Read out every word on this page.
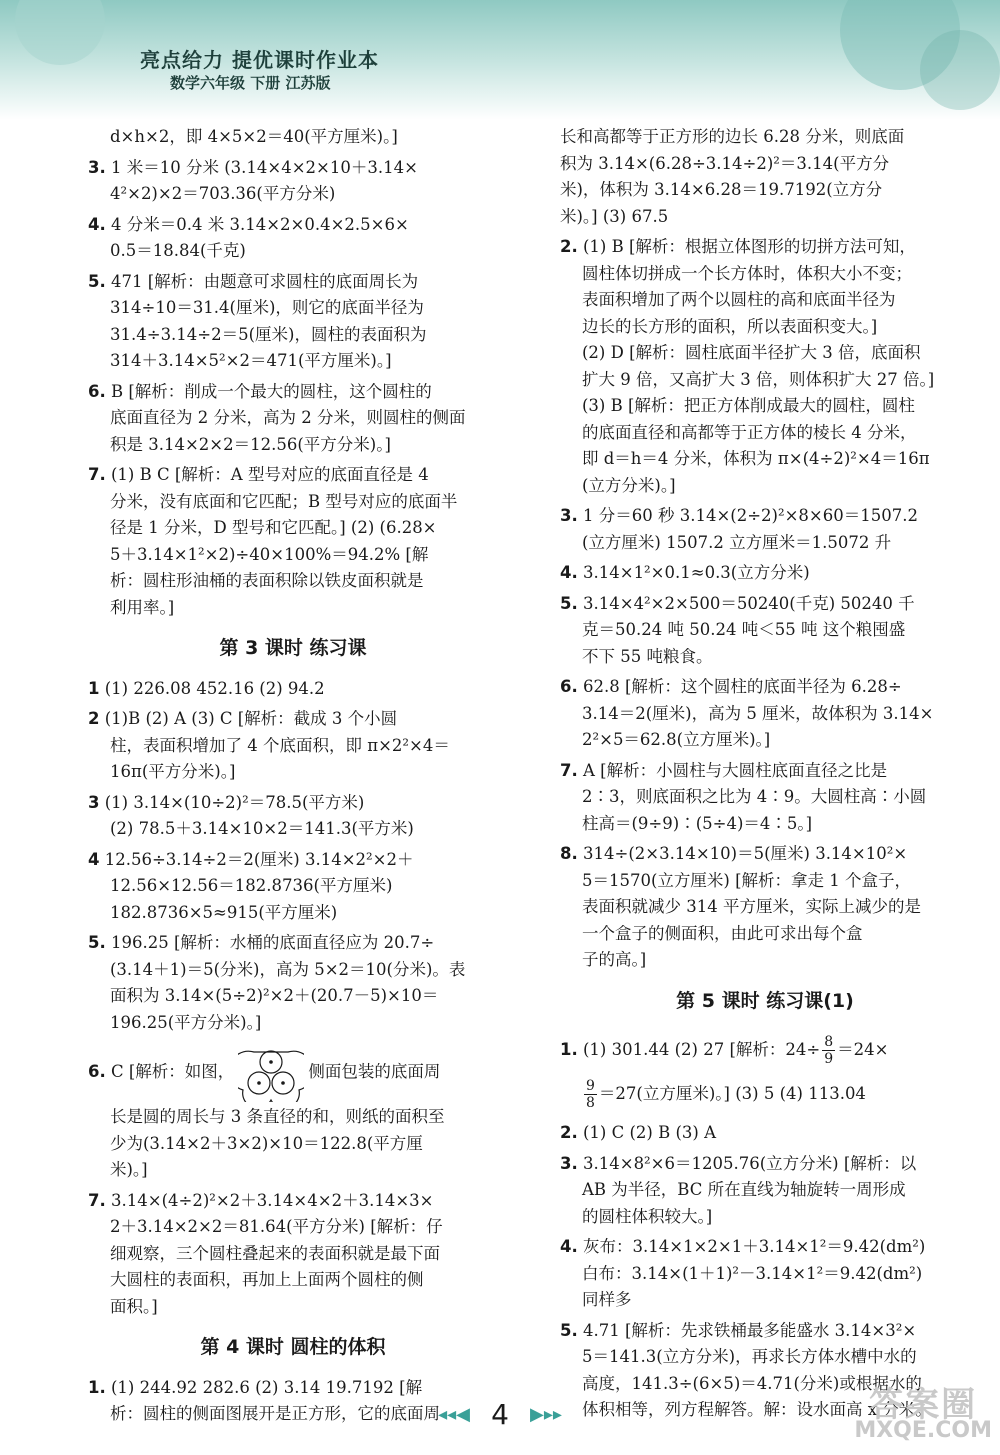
亮点给力 提优课时作业本
数学六年级 下册 江苏版
d×h×2，即 4×5×2＝40(平方厘米)。]
3. 1 米＝10 分米 (3.14×4×2×10＋3.14×
4²×2)×2＝703.36(平方分米)
4. 4 分米＝0.4 米 3.14×2×0.4×2.5×6×
0.5＝18.84(千克)
5. 471 [解析：由题意可求圆柱的底面周长为
314÷10＝31.4(厘米)，则它的底面半径为
31.4÷3.14÷2＝5(厘米)，圆柱的表面积为
314＋3.14×5²×2＝471(平方厘米)。]
6. B [解析：削成一个最大的圆柱，这个圆柱的
底面直径为 2 分米，高为 2 分米，则圆柱的侧面
积是 3.14×2×2＝12.56(平方分米)。]
7. (1) B C [解析：A 型号对应的底面直径是 4
分米，没有底面和它匹配；B 型号对应的底面半
径是 1 分米，D 型号和它匹配。] (2) (6.28×
5＋3.14×1²×2)÷40×100%＝94.2% [解
析：圆柱形油桶的表面积除以铁皮面积就是
利用率。]
第 3 课时 练习课
1 (1) 226.08 452.16 (2) 94.2
2 (1)B (2) A (3) C [解析：截成 3 个小圆
柱，表面积增加了 4 个底面积，即 π×2²×4＝
16π(平方分米)。]
3 (1) 3.14×(10÷2)²＝78.5(平方米)
(2) 78.5＋3.14×10×2＝141.3(平方米)
4 12.56÷3.14÷2＝2(厘米) 3.14×2²×2＋
12.56×12.56＝182.8736(平方厘米)
182.8736×5≈915(平方厘米)
5. 196.25 [解析：水桶的底面直径应为 20.7÷
(3.14＋1)＝5(分米)，高为 5×2＝10(分米)。表
面积为 3.14×(5÷2)²×2＋(20.7－5)×10＝
196.25(平方分米)。]
6. C [解析：如图，	侧面包装的底面周
长是圆的周长与 3 条直径的和，则纸的面积至
少为(3.14×2＋3×2)×10＝122.8(平方厘
米)。]
7. 3.14×(4÷2)²×2＋3.14×4×2＋3.14×3×
2＋3.14×2×2＝81.64(平方分米) [解析：仔
细观察，三个圆柱叠起来的表面积就是最下面
大圆柱的表面积，再加上上面两个圆柱的侧
面积。]
第 4 课时 圆柱的体积
1. (1) 244.92 282.6 (2) 3.14 19.7192 [解
析：圆柱的侧面图展开是正方形，它的底面周
长和高都等于正方形的边长 6.28 分米，则底面
积为 3.14×(6.28÷3.14÷2)²＝3.14(平方分
米)，体积为 3.14×6.28＝19.7192(立方分
米)。] (3) 67.5
2. (1) B [解析：根据立体图形的切拼方法可知，
圆柱体切拼成一个长方体时，体积大小不变；
表面积增加了两个以圆柱的高和底面半径为
边长的长方形的面积，所以表面积变大。]
(2) D [解析：圆柱底面半径扩大 3 倍，底面积
扩大 9 倍，又高扩大 3 倍，则体积扩大 27 倍。]
(3) B [解析：把正方体削成最大的圆柱，圆柱
的底面直径和高都等于正方体的棱长 4 分米，
即 d＝h＝4 分米，体积为 π×(4÷2)²×4＝16π
(立方分米)。]
3. 1 分＝60 秒 3.14×(2÷2)²×8×60＝1507.2
(立方厘米) 1507.2 立方厘米＝1.5072 升
4. 3.14×1²×0.1≈0.3(立方分米)
5. 3.14×4²×2×500＝50240(千克) 50240 千
克＝50.24 吨 50.24 吨＜55 吨 这个粮囤盛
不下 55 吨粮食。
6. 62.8 [解析：这个圆柱的底面半径为 6.28÷
3.14＝2(厘米)，高为 5 厘米，故体积为 3.14×
2²×5＝62.8(立方厘米)。]
7. A [解析：小圆柱与大圆柱底面直径之比是
2∶3，则底面积之比为 4∶9。大圆柱高∶小圆
柱高＝(9÷9)∶(5÷4)＝4∶5。]
8. 314÷(2×3.14×10)＝5(厘米) 3.14×10²×
5＝1570(立方厘米) [解析：拿走 1 个盒子，
表面积就减少 314 平方厘米，实际上减少的是
一个盒子的侧面积，由此可求出每个盒
子的高。]
第 5 课时 练习课(1)
1. (1) 301.44 (2) 27 [解析：$24\div \frac{8}{9} =24\times$
$\frac{9}{8} =27$(立方厘米)。] (3) 5 (4) 113.04
2. (1) C (2) B (3) A
3. 3.14×8²×6＝1205.76(立方分米) [解析：以
AB 为半径，BC 所在直线为轴旋转一周形成
的圆柱体积较大。]
4. 灰布：3.14×1×2×1＋3.14×1²＝9.42(dm²)
白布：3.14×(1＋1)²－3.14×1²＝9.42(dm²)
同样多
5. 4.71 [解析：先求铁桶最多能盛水 3.14×3²×
5＝141.3(立方分米)，再求长方体水槽中水的
高度，141.3÷(6×5)＝4.71(分米)或根据水的
体积相等，列方程解答。解：设水面高 x 分米。
◂◂◀ 4 ▶▸▸	答案圈
MXQE.COM
